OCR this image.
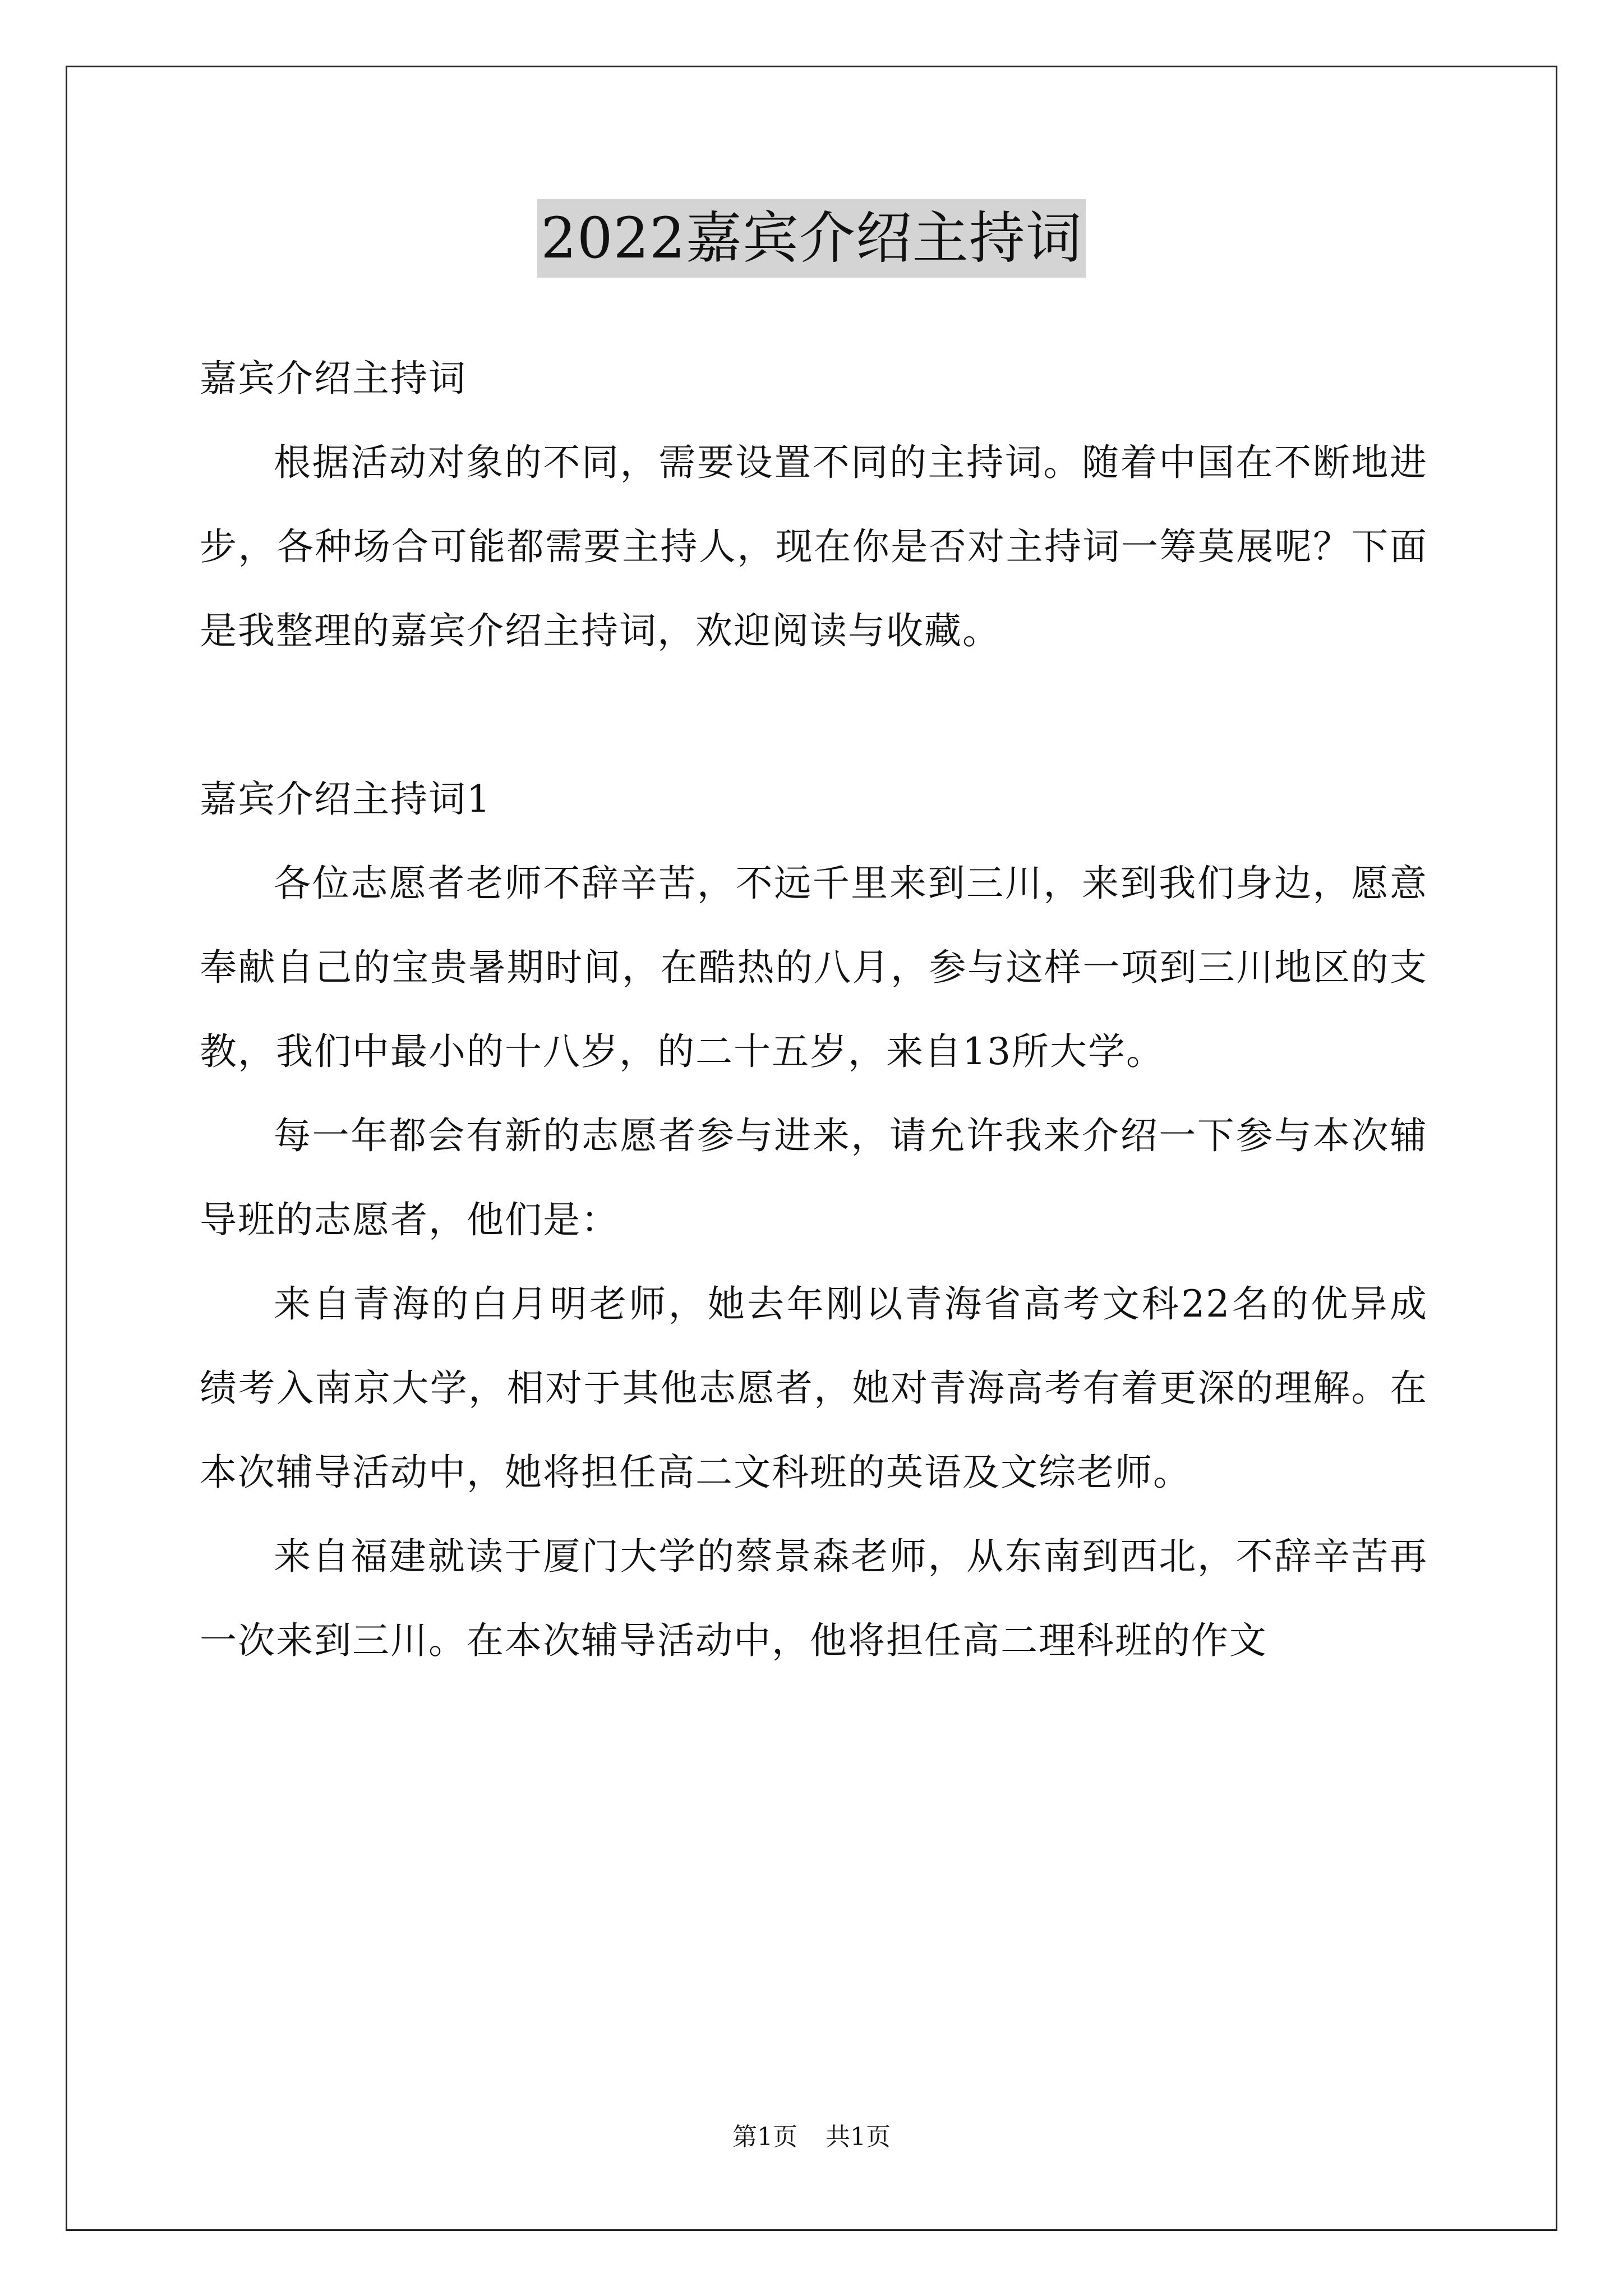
2022嘉宾介绍主持词

嘉宾介绍主持词

根据活动对象的不同，需要设置不同的主持词。随着中国在不断地进步，各种场合可能都需要主持人，现在你是否对主持词一筹莫展呢？下面是我整理的嘉宾介绍主持词，欢迎阅读与收藏。

嘉宾介绍主持词1

各位志愿者老师不辞辛苦，不远千里来到三川，来到我们身边，愿意奉献自己的宝贵暑期时间，在酷热的八月，参与这样一项到三川地区的支教，我们中最小的十八岁，的二十五岁，来自13所大学。

每一年都会有新的志愿者参与进来，请允许我来介绍一下参与本次辅导班的志愿者，他们是：

来自青海的白月明老师，她去年刚以青海省高考文科22名的优异成绩考入南京大学，相对于其他志愿者，她对青海高考有着更深的理解。在本次辅导活动中，她将担任高二文科班的英语及文综老师。

来自福建就读于厦门大学的蔡景森老师，从东南到西北，不辞辛苦再一次来到三川。在本次辅导活动中，他将担任高二理科班的作文

第1页 共1页
